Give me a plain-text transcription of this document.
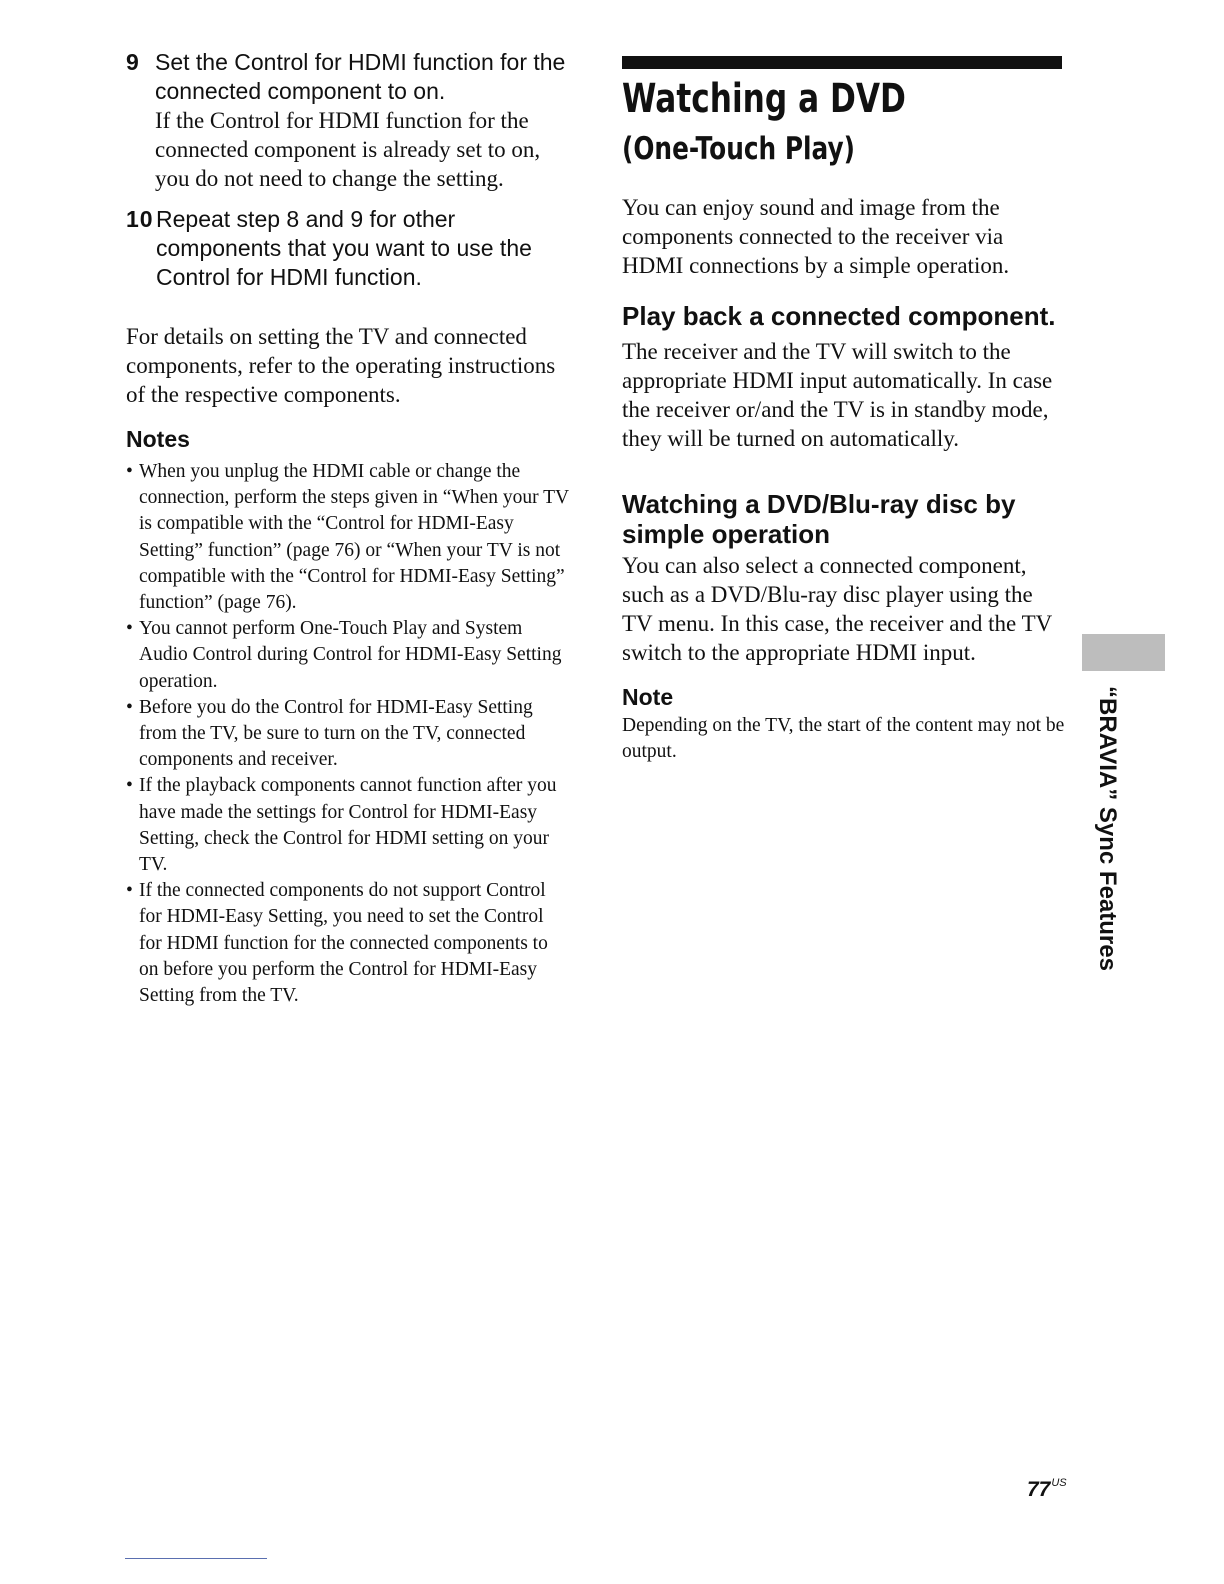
9 Set the Control for HDMI function for the connected component to on.

If the Control for HDMI function for the connected component is already set to on, you do not need to change the setting.

10 Repeat step 8 and 9 for other components that you want to use the Control for HDMI function.

For details on setting the TV and connected components, refer to the operating instructions of the respective components.

Notes

• When you unplug the HDMI cable or change the connection, perform the steps given in “When your TV is compatible with the “Control for HDMI-Easy Setting” function” (page 76) or “When your TV is not compatible with the “Control for HDMI-Easy Setting” function” (page 76).
• You cannot perform One-Touch Play and System Audio Control during Control for HDMI-Easy Setting operation.
• Before you do the Control for HDMI-Easy Setting from the TV, be sure to turn on the TV, connected components and receiver.
• If the playback components cannot function after you have made the settings for Control for HDMI-Easy Setting, check the Control for HDMI setting on your TV.
• If the connected components do not support Control for HDMI-Easy Setting, you need to set the Control for HDMI function for the connected components to on before you perform the Control for HDMI-Easy Setting from the TV.
Watching a DVD
(One-Touch Play)

You can enjoy sound and image from the components connected to the receiver via HDMI connections by a simple operation.

Play back a connected component.

The receiver and the TV will switch to the appropriate HDMI input automatically. In case the receiver or/and the TV is in standby mode, they will be turned on automatically.

Watching a DVD/Blu-ray disc by simple operation

You can also select a connected component, such as a DVD/Blu-ray disc player using the TV menu. In this case, the receiver and the TV switch to the appropriate HDMI input.

Note

Depending on the TV, the start of the content may not be output.	“BRAVIA” Sync Features
$77^{US}$
